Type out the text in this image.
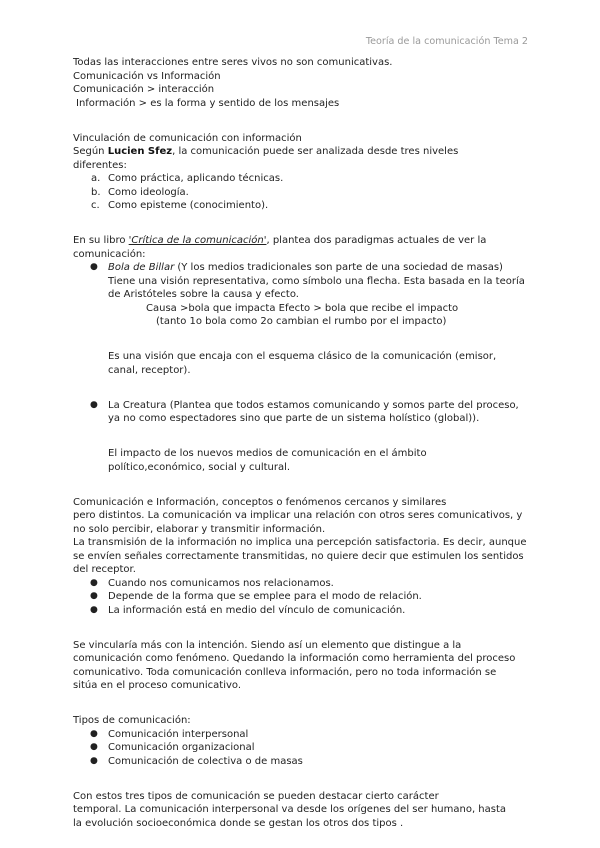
Teoría de la comunicación Tema 2

Todas las interacciones entre seres vivos no son comunicativas.

Comunicación vs Información

Comunicación > interacción

Información > es la forma y sentido de los mensajes

Vinculación de comunicación con información

Según Lucien Sfez, la comunicación puede ser analizada desde tres niveles

diferentes:

a. Como práctica, aplicando técnicas.
b. Como ideología.
c. Como episteme (conocimiento).

En su libro 'Crítica de la comunicación', plantea dos paradigmas actuales de ver la

comunicación:

● Bola de Billar (Y los medios tradicionales son parte de una sociedad de masas)

Tiene una visión representativa, como símbolo una flecha. Esta basada en la teoría

de Aristóteles sobre la causa y efecto.

Causa >bola que impacta Efecto > bola que recibe el impacto

(tanto 1o bola como 2o cambian el rumbo por el impacto)

Es una visión que encaja con el esquema clásico de la comunicación (emisor,

canal, receptor).

● La Creatura (Plantea que todos estamos comunicando y somos parte del proceso,

ya no como espectadores sino que parte de un sistema holístico (global)).

El impacto de los nuevos medios de comunicación en el ámbito

político,económico, social y cultural.

Comunicación e Información, conceptos o fenómenos cercanos y similares

pero distintos. La comunicación va implicar una relación con otros seres comunicativos, y

no solo percibir, elaborar y transmitir información.

La transmisión de la información no implica una percepción satisfactoria. Es decir, aunque

se envíen señales correctamente transmitidas, no quiere decir que estimulen los sentidos

del receptor.

● Cuando nos comunicamos nos relacionamos.
● Depende de la forma que se emplee para el modo de relación.
● La información está en medio del vínculo de comunicación.

Se vincularía más con la intención. Siendo así un elemento que distingue a la

comunicación como fenómeno. Quedando la información como herramienta del proceso

comunicativo. Toda comunicación conlleva información, pero no toda información se

sitúa en el proceso comunicativo.

Tipos de comunicación:

● Comunicación interpersonal
● Comunicación organizacional
● Comunicación de colectiva o de masas

Con estos tres tipos de comunicación se pueden destacar cierto carácter

temporal. La comunicación interpersonal va desde los orígenes del ser humano, hasta

la evolución socioeconómica donde se gestan los otros dos tipos .
